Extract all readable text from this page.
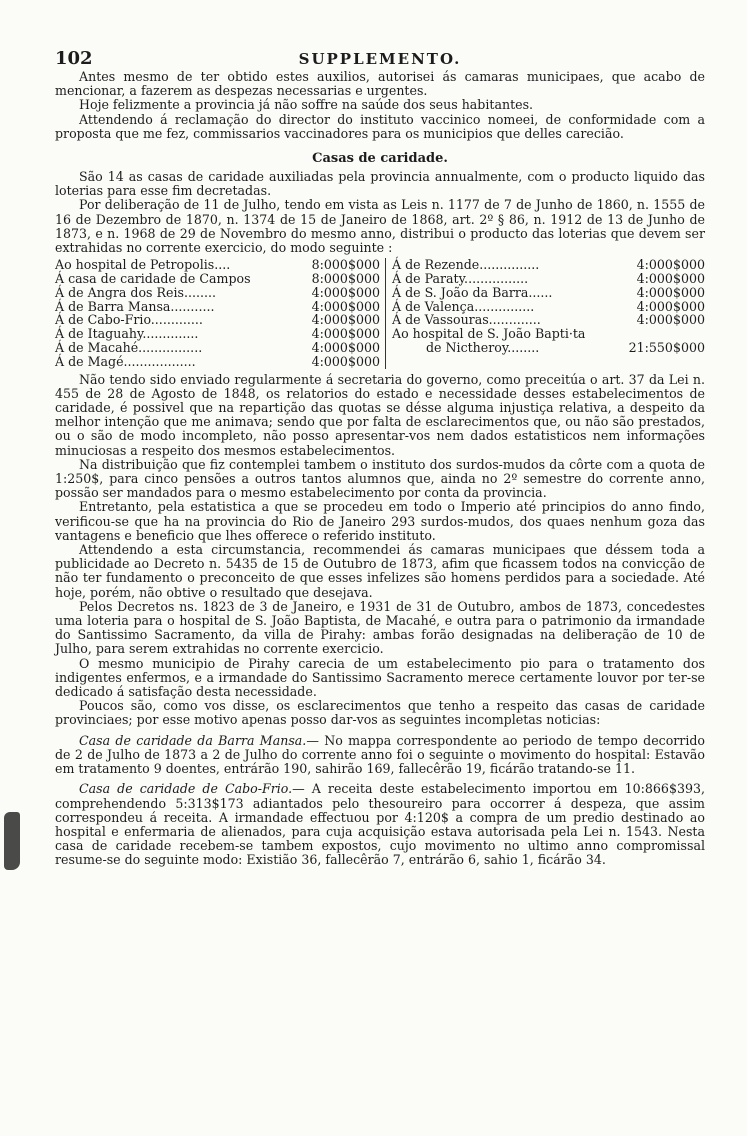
102	SUPPLEMENTO.

Antes mesmo de ter obtido estes auxilios, autorisei ás camaras municipaes, que acabo de mencionar, a fazerem as despezas necessarias e urgentes.

Hoje felizmente a provincia já não soffre na saúde dos seus habitantes.

Attendendo á reclamação do director do instituto vaccinico nomeei, de conformidade com a proposta que me fez, commissarios vaccinadores para os municipios que delles carecião.

Casas de caridade.

São 14 as casas de caridade auxiliadas pela provincia annualmente, com o producto liquido das loterias para esse fim decretadas.

Por deliberação de 11 de Julho, tendo em vista as Leis n. 1177 de 7 de Junho de 1860, n. 1555 de 16 de Dezembro de 1870, n. 1374 de 15 de Janeiro de 1868, art. 2º § 86, n. 1912 de 13 de Junho de 1873, e n. 1968 de 29 de Novembro do mesmo anno, distribui o producto das loterias que devem ser extrahidas no corrente exercicio, do modo seguinte :

Ao hospital de Petropolis....	8:000$000
Á casa de caridade de Campos	8:000$000
Á de Angra dos Reis........	4:000$000
Á de Barra Mansa...........	4:000$000
Á de Cabo-Frio.............	4:000$000
Á de Itaguahy..............	4:000$000
Á de Macahé................	4:000$000
Á de Magé..................	4:000$000
Á de Rezende...............	4:000$000
Á de Paraty................	4:000$000
Á de S. João da Barra......	4:000$000
Á de Valença...............	4:000$000
Á de Vassouras.............	4:000$000
Ao hospital de S. João Bapti·ta
de Nictheroy........	21:550$000

Não tendo sido enviado regularmente á secretaria do governo, como preceitúa o art. 37 da Lei n. 455 de 28 de Agosto de 1848, os relatorios do estado e necessidade desses estabelecimentos de caridade, é possivel que na repartição das quotas se désse alguma injustiça relativa, a despeito da melhor intenção que me animava; sendo que por falta de esclarecimentos que, ou não são prestados, ou o são de modo incompleto, não posso apresentar-vos nem dados estatisticos nem informações minuciosas a respeito dos mesmos estabelecimentos.

Na distribuição que fiz contemplei tambem o instituto dos surdos-mudos da côrte com a quota de 1:250$, para cinco pensões a outros tantos alumnos que, ainda no 2º semestre do corrente anno, possão ser mandados para o mesmo estabelecimento por conta da provincia.

Entretanto, pela estatistica a que se procedeu em todo o Imperio até principios do anno findo, verificou-se que ha na provincia do Rio de Janeiro 293 surdos-mudos, dos quaes nenhum goza das vantagens e beneficio que lhes offerece o referido instituto.

Attendendo a esta circumstancia, recommendei ás camaras municipaes que déssem toda a publicidade ao Decreto n. 5435 de 15 de Outubro de 1873, afim que ficassem todos na convicção de não ter fundamento o preconceito de que esses infelizes são homens perdidos para a sociedade. Até hoje, porém, não obtive o resultado que desejava.

Pelos Decretos ns. 1823 de 3 de Janeiro, e 1931 de 31 de Outubro, ambos de 1873, concedestes uma loteria para o hospital de S. João Baptista, de Macahé, e outra para o patrimonio da irmandade do Santissimo Sacramento, da villa de Pirahy: ambas forão designadas na deliberação de 10 de Julho, para serem extrahidas no corrente exercicio.

O mesmo municipio de Pirahy carecia de um estabelecimento pio para o tratamento dos indigentes enfermos, e a irmandade do Santissimo Sacramento merece certamente louvor por ter-se dedicado á satisfação desta necessidade.

Poucos são, como vos disse, os esclarecimentos que tenho a respeito das casas de caridade provinciaes; por esse motivo apenas posso dar-vos as seguintes incompletas noticias:

Casa de caridade da Barra Mansa.— No mappa correspondente ao periodo de tempo decorrido de 2 de Julho de 1873 a 2 de Julho do corrente anno foi o seguinte o movimento do hospital: Estavão em tratamento 9 doentes, entrárão 190, sahirão 169, fallecêrão 19, ficárão tratando-se 11.

Casa de caridade de Cabo-Frio.— A receita deste estabelecimento importou em 10:866$393, comprehendendo 5:313$173 adiantados pelo thesoureiro para occorrer á despeza, que assim correspondeu á receita. A irmandade effectuou por 4:120$ a compra de um predio destinado ao hospital e enfermaria de alienados, para cuja acquisição estava autorisada pela Lei n. 1543. Nesta casa de caridade recebem-se tambem expostos, cujo movimento no ultimo anno compromissal resume-se do seguinte modo: Existião 36, fallecêrão 7, entrárão 6, sahio 1, ficárão 34.
